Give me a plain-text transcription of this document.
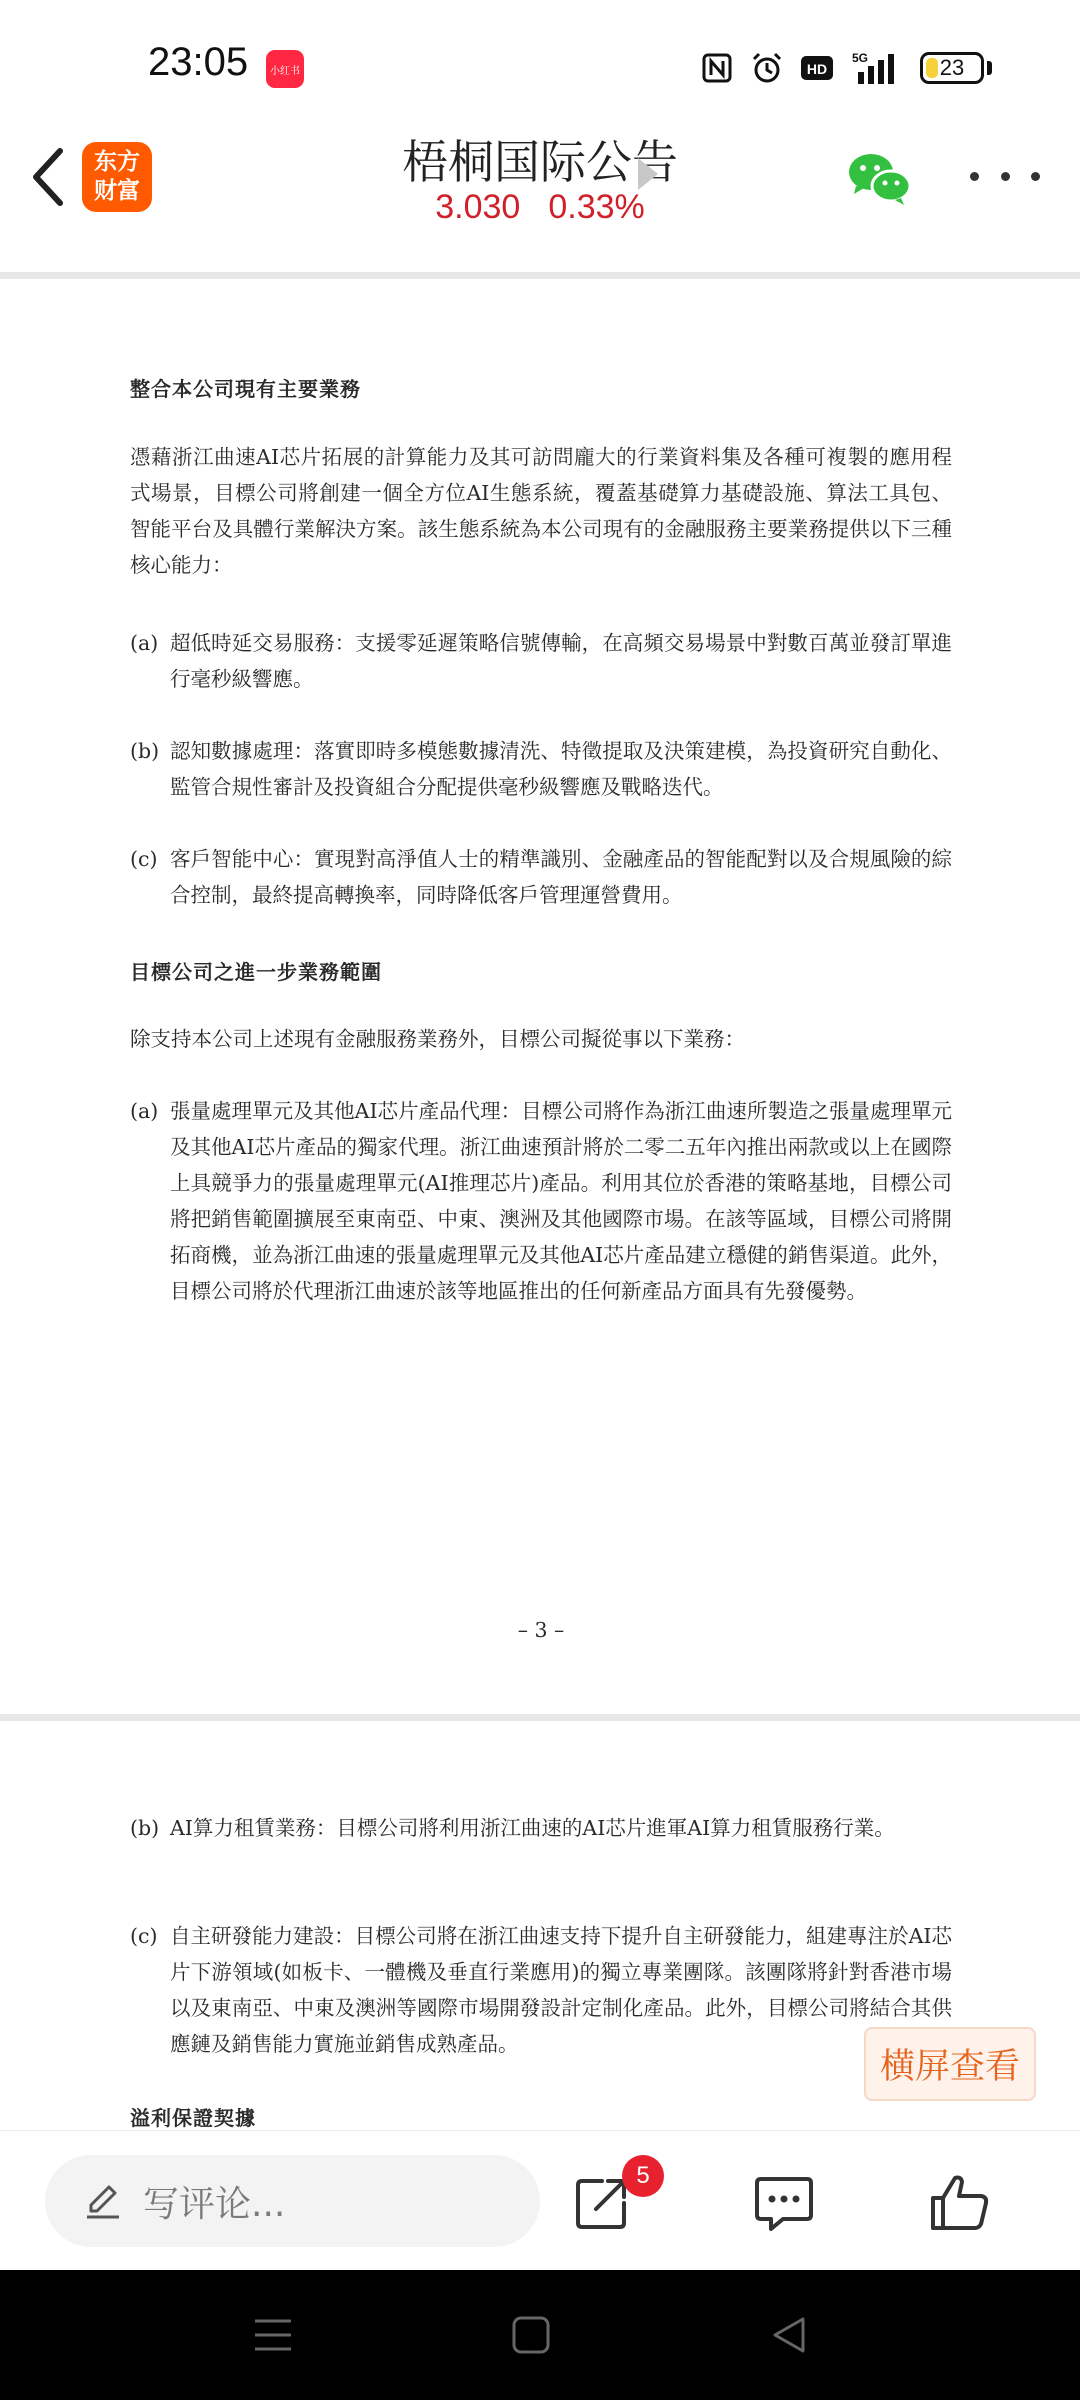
23:05	小红书	HD
5G	23
东方
财富
梧桐国际公告
3.030 0.33%
整合本公司現有主要業務
憑藉浙江曲速AI芯片拓展的計算能力及其可訪問龐大的行業資料集及各種可複製的應用程式場景，目標公司將創建一個全方位AI生態系統，覆蓋基礎算力基礎設施、算法工具包、智能平台及具體行業解決方案。該生態系統為本公司現有的金融服務主要業務提供以下三種核心能力：
(a) 超低時延交易服務：支援零延遲策略信號傳輸，在高頻交易場景中對數百萬並發訂單進行毫秒級響應。
(b) 認知數據處理：落實即時多模態數據清洗、特徵提取及決策建模，為投資研究自動化、監管合規性審計及投資組合分配提供毫秒級響應及戰略迭代。
(c) 客戶智能中心：實現對高淨值人士的精準識別、金融產品的智能配對以及合規風險的綜合控制，最終提高轉換率，同時降低客戶管理運營費用。
目標公司之進一步業務範圍
除支持本公司上述現有金融服務業務外，目標公司擬從事以下業務：
(a) 張量處理單元及其他AI芯片產品代理：目標公司將作為浙江曲速所製造之張量處理單元及其他AI芯片產品的獨家代理。浙江曲速預計將於二零二五年內推出兩款或以上在國際上具競爭力的張量處理單元(AI推理芯片)產品。利用其位於香港的策略基地，目標公司將把銷售範圍擴展至東南亞、中東、澳洲及其他國際市場。在該等區域，目標公司將開拓商機，並為浙江曲速的張量處理單元及其他AI芯片產品建立穩健的銷售渠道。此外，目標公司將於代理浙江曲速於該等地區推出的任何新產品方面具有先發優勢。
– 3 –
(b) AI算力租賃業務：目標公司將利用浙江曲速的AI芯片進軍AI算力租賃服務行業。
(c) 自主研發能力建設：目標公司將在浙江曲速支持下提升自主研發能力，組建專注於AI芯片下游領域(如板卡、一體機及垂直行業應用)的獨立專業團隊。該團隊將針對香港市場以及東南亞、中東及澳洲等國際市場開發設計定制化產品。此外，目標公司將結合其供應鏈及銷售能力實施並銷售成熟產品。
溢利保證契據
横屏查看
写评论...
5
